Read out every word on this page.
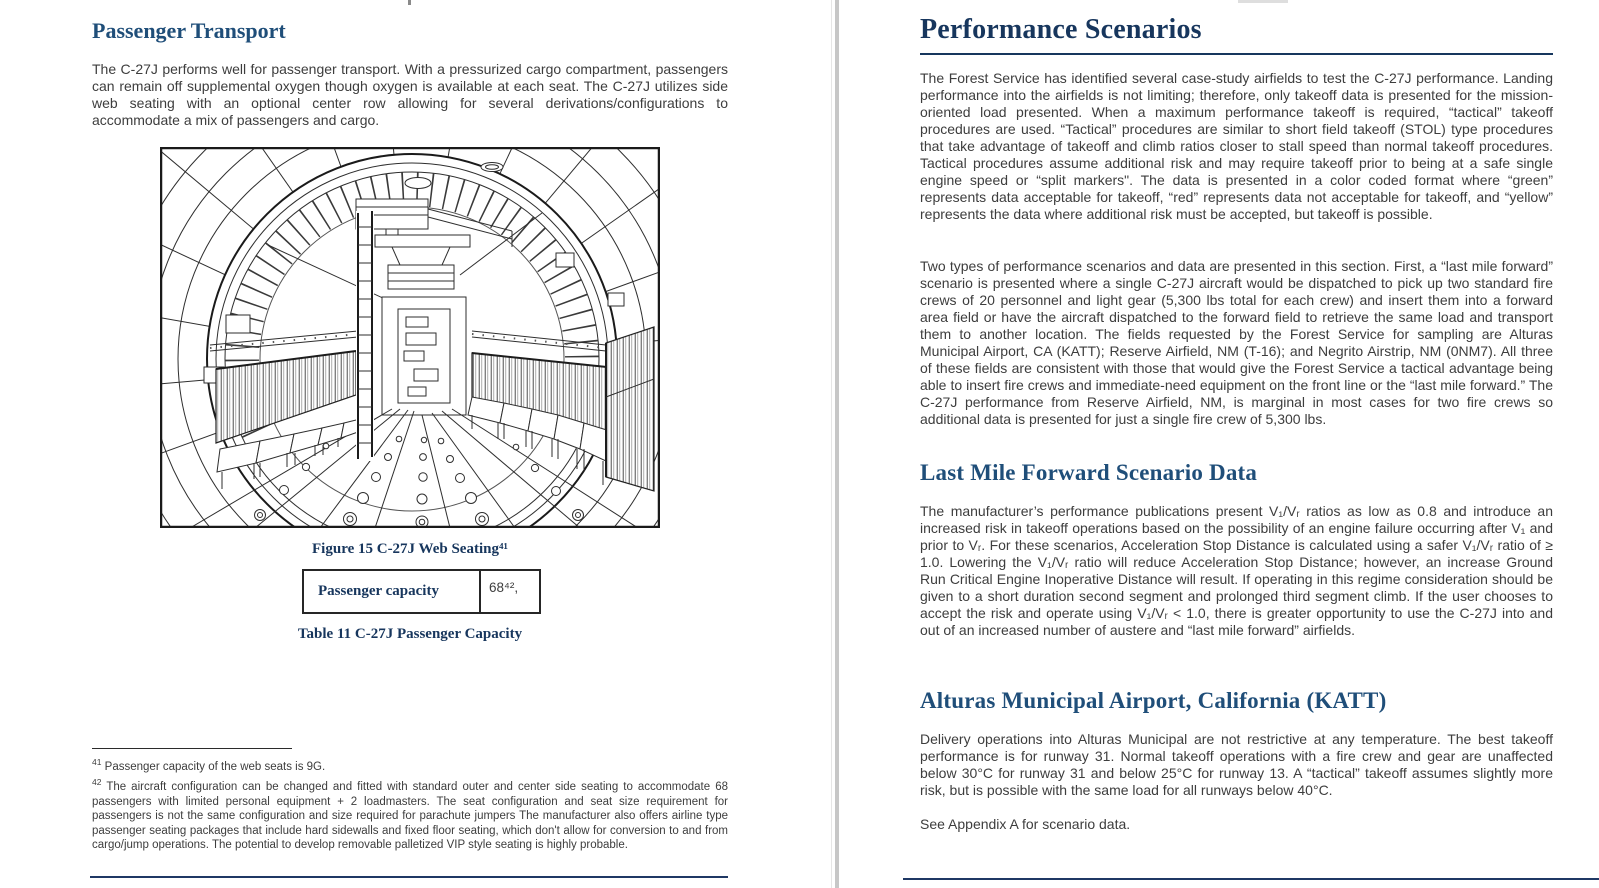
Passenger Transport
The C-27J performs well for passenger transport. With a pressurized cargo compartment, passengers can remain off supplemental oxygen though oxygen is available at each seat. The C-27J utilizes side web seating with an optional center row allowing for several derivations/configurations to accommodate a mix of passengers and cargo.
Figure 15 C-27J Web Seating⁴¹
Passenger capacity	68⁴²,
Table 11 C-27J Passenger Capacity
$^{41}$ Passenger capacity of the web seats is 9G.
$^{42}$ The aircraft configuration can be changed and fitted with standard outer and center side seating to accommodate 68 passengers with limited personal equipment + 2 loadmasters. The seat configuration and seat size requirement for passengers is not the same configuration and size required for parachute jumpers The manufacturer also offers airline type passenger seating packages that include hard sidewalls and fixed floor seating, which don't allow for conversion to and from cargo/jump operations. The potential to develop removable palletized VIP style seating is highly probable.
Performance Scenarios
The Forest Service has identified several case-study airfields to test the C-27J performance. Landing performance into the airfields is not limiting; therefore, only takeoff data is presented for the mission-oriented load presented. When a maximum performance takeoff is required, “tactical” takeoff procedures are used. “Tactical” procedures are similar to short field takeoff (STOL) type procedures that take advantage of takeoff and climb ratios closer to stall speed than normal takeoff procedures. Tactical procedures assume additional risk and may require takeoff prior to being at a safe single engine speed or “split markers". The data is presented in a color coded format where “green” represents data acceptable for takeoff, “red” represents data not acceptable for takeoff, and “yellow” represents the data where additional risk must be accepted, but takeoff is possible.
Two types of performance scenarios and data are presented in this section. First, a “last mile forward” scenario is presented where a single C-27J aircraft would be dispatched to pick up two standard fire crews of 20 personnel and light gear (5,300 lbs total for each crew) and insert them into a forward area field or have the aircraft dispatched to the forward field to retrieve the same load and transport them to another location. The fields requested by the Forest Service for sampling are Alturas Municipal Airport, CA (KATT); Reserve Airfield, NM (T-16); and Negrito Airstrip, NM (0NM7). All three of these fields are consistent with those that would give the Forest Service a tactical advantage being able to insert fire crews and immediate-need equipment on the front line or the “last mile forward.” The C-27J performance from Reserve Airfield, NM, is marginal in most cases for two fire crews so additional data is presented for just a single fire crew of 5,300 lbs.
Last Mile Forward Scenario Data
The manufacturer’s performance publications present V₁/Vᵣ ratios as low as 0.8 and introduce an increased risk in takeoff operations based on the possibility of an engine failure occurring after V₁ and prior to Vᵣ. For these scenarios, Acceleration Stop Distance is calculated using a safer V₁/Vᵣ ratio of ≥ 1.0. Lowering the V₁/Vᵣ ratio will reduce Acceleration Stop Distance; however, an increase Ground Run Critical Engine Inoperative Distance will result. If operating in this regime consideration should be given to a short duration second segment and prolonged third segment climb. If the user chooses to accept the risk and operate using V₁/Vᵣ < 1.0, there is greater opportunity to use the C-27J into and out of an increased number of austere and “last mile forward” airfields.
Alturas Municipal Airport, California (KATT)
Delivery operations into Alturas Municipal are not restrictive at any temperature. The best takeoff performance is for runway 31. Normal takeoff operations with a fire crew and gear are unaffected below 30°C for runway 31 and below 25°C for runway 13. A “tactical” takeoff assumes slightly more risk, but is possible with the same load for all runways below 40°C.
See Appendix A for scenario data.
